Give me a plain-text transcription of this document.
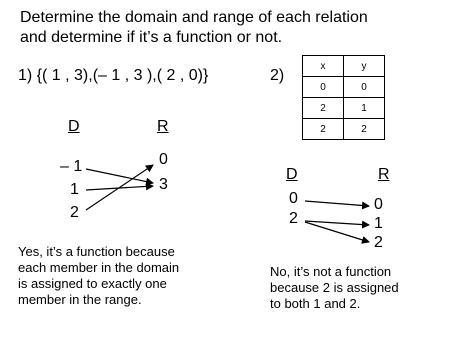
Determine the domain and range of each relation
and determine if it’s a function or not.
1) {( 1 , 3),(– 1 , 3 ),( 2 , 0)}
D	R
– 1
1
2
0
3
Yes, it’s a function because
each member in the domain
is assigned to exactly one
member in the range.
2)
x	y
0	0
2	1
2	2
D	R
0
2
0
1
2
No, it’s not a function
because 2 is assigned
to both 1 and 2.
